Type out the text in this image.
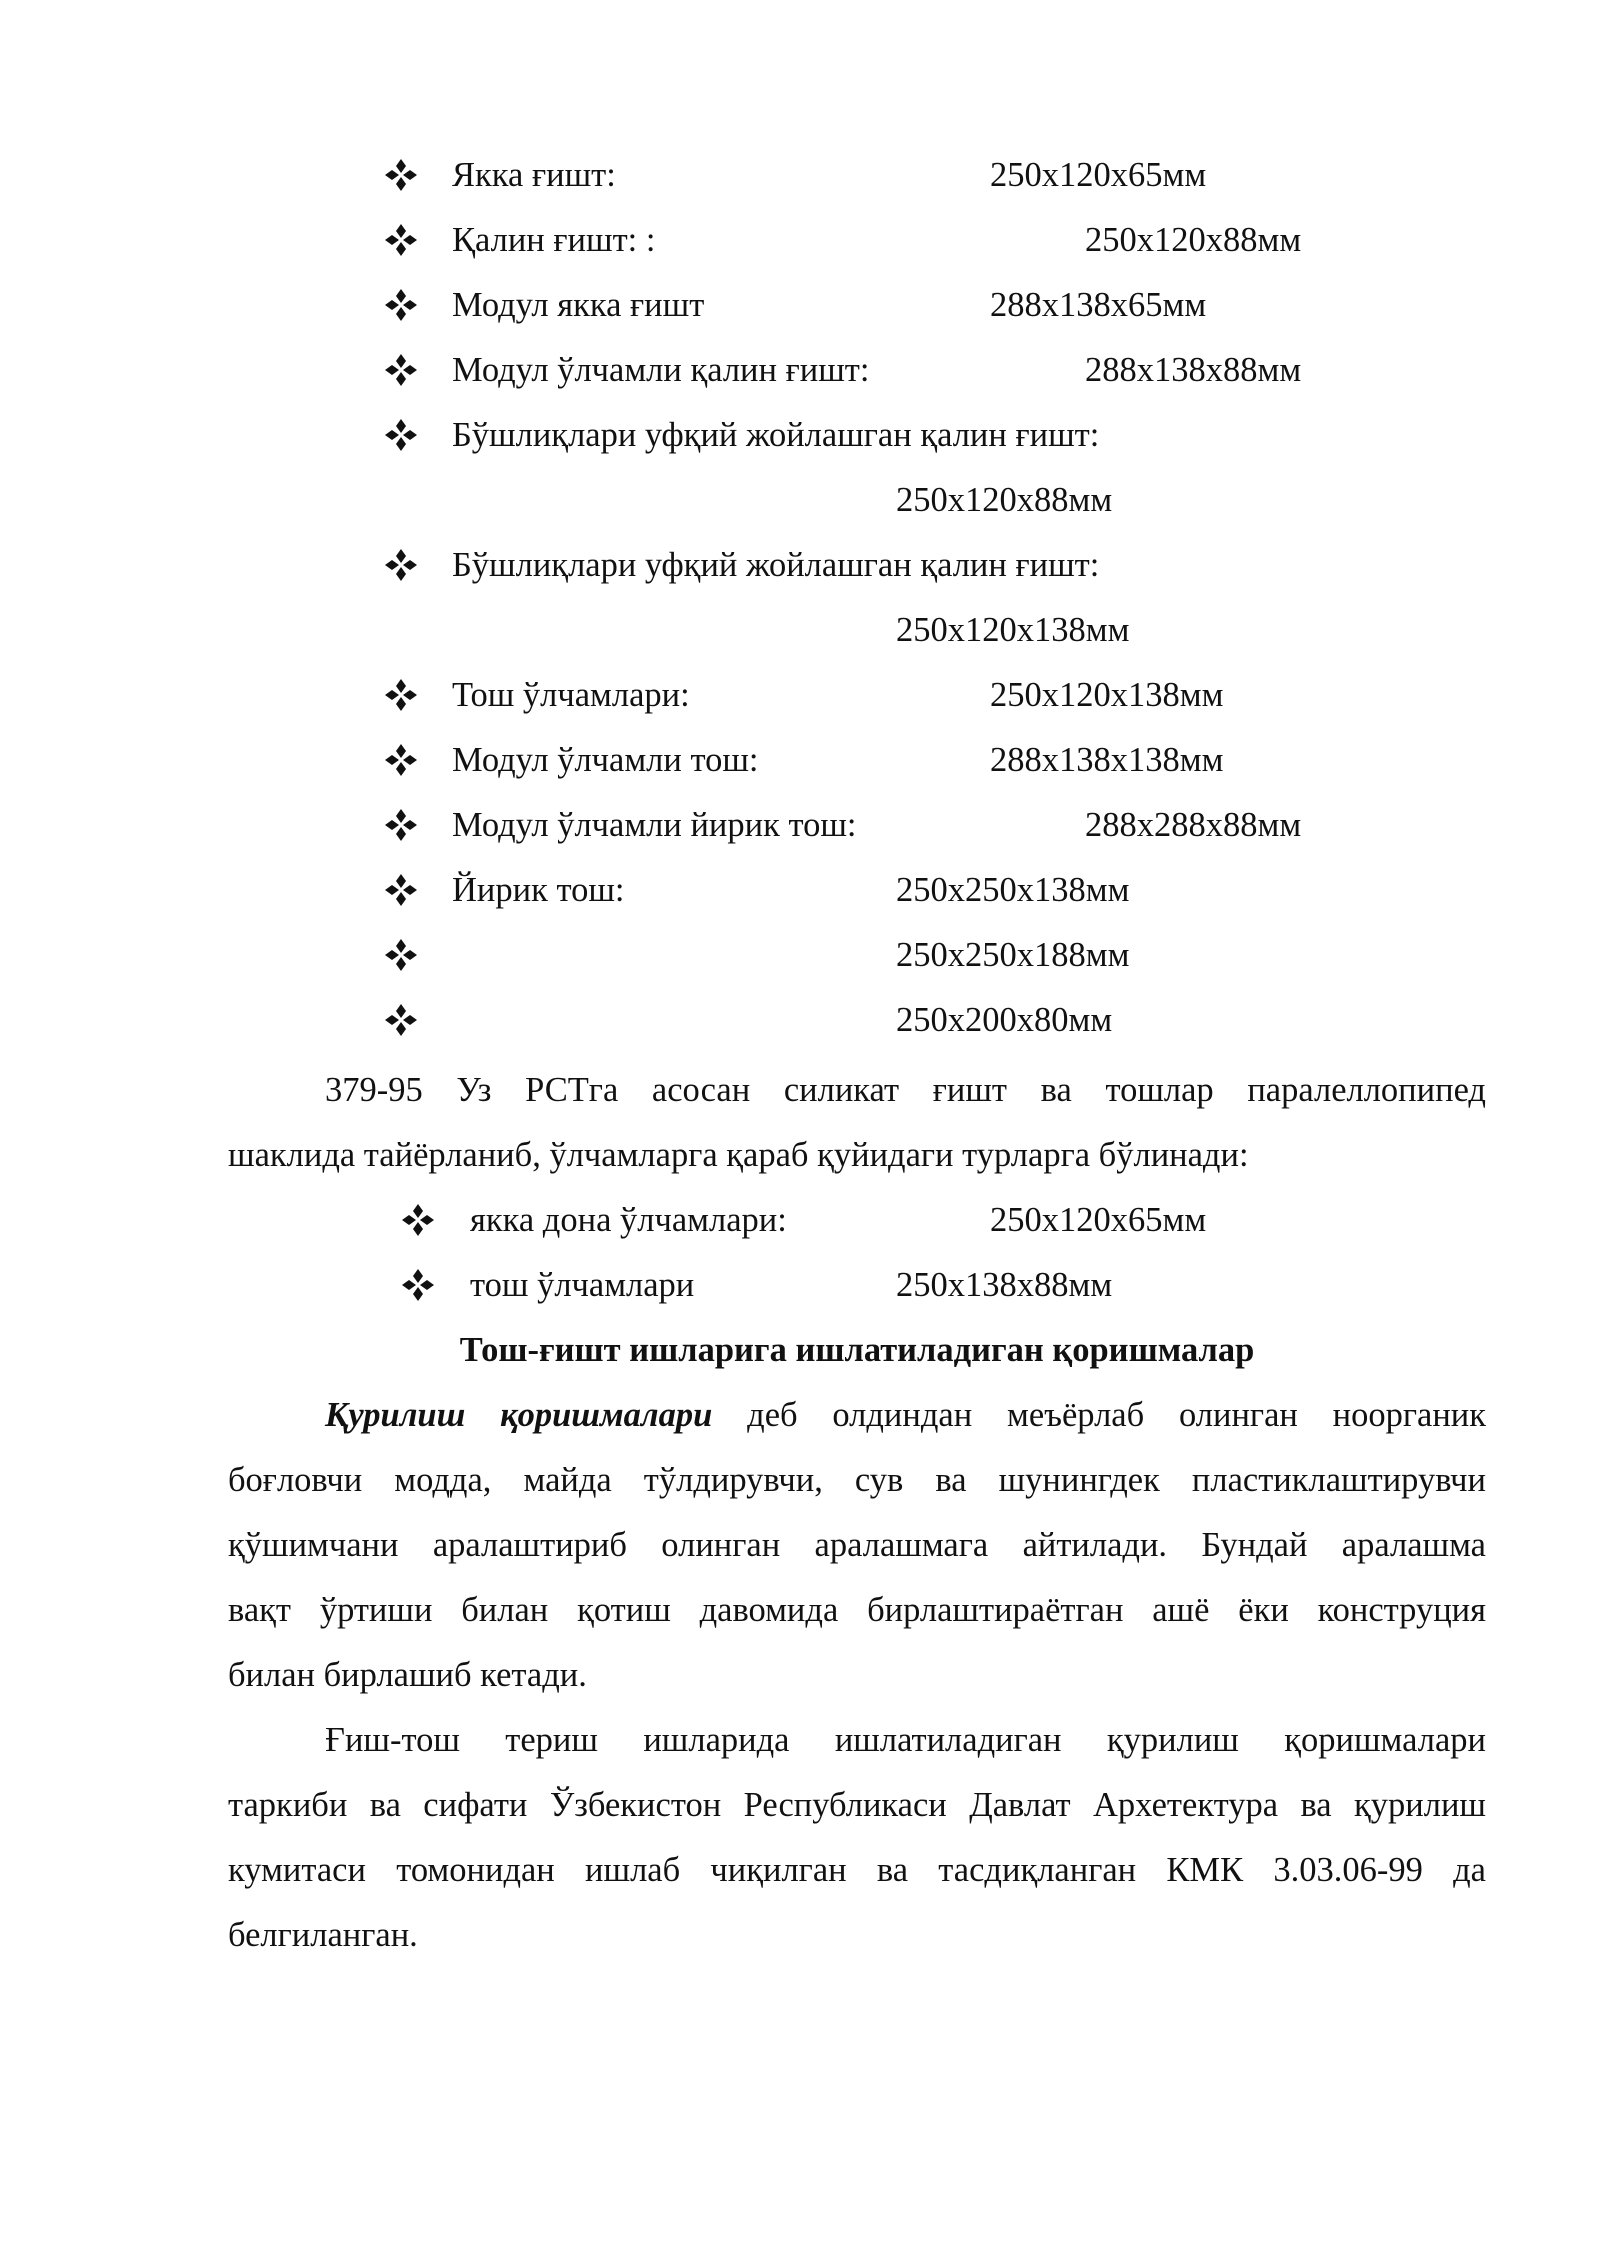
Якка ғишт:	250x120x65мм
Қалин ғишт: :	250x120x88мм
Модул якка ғишт	288x138x65мм
Модул ўлчамли қалин ғишт:	288x138x88мм
Бўшлиқлари уфқий жойлашган қалин ғишт:
250x120x88мм
Бўшлиқлари уфқий жойлашган қалин ғишт:
250x120x138мм
Тош ўлчамлари:	250x120x138мм
Модул ўлчамли тош:	288x138x138мм
Модул ўлчамли йирик тош:	288x288x88мм
Йирик тош:	250x250x138мм
250x250x188мм
250x200x80мм
379-95 Уз РСТга асосан силикат ғишт ва тошлар паралеллопипед
шаклида тайёрланиб, ўлчамларга қараб қуйидаги турларга бўлинади:
якка дона ўлчамлари:	250x120x65мм
тош ўлчамлари	250x138x88мм
Тош-ғишт ишларига ишлатиладиган қоришмалар
Қурилиш қоришмалари деб олдиндан меъёрлаб олинган ноорганик
боғловчи модда, майда тўлдирувчи, сув ва шунингдек пластиклаштирувчи
қўшимчани аралаштириб олинган аралашмага айтилади. Бундай аралашма
вақт ўртиши билан қотиш давомида бирлаштираётган ашё ёки конструция
билан бирлашиб кетади.
Ғиш-тош териш ишларида ишлатиладиган қурилиш қоришмалари
таркиби ва сифати Ўзбекистон Республикаси Давлат Архетектура ва қурилиш
кумитаси томонидан ишлаб чиқилган ва тасдиқланган КМК 3.03.06-99 да
белгиланган.
